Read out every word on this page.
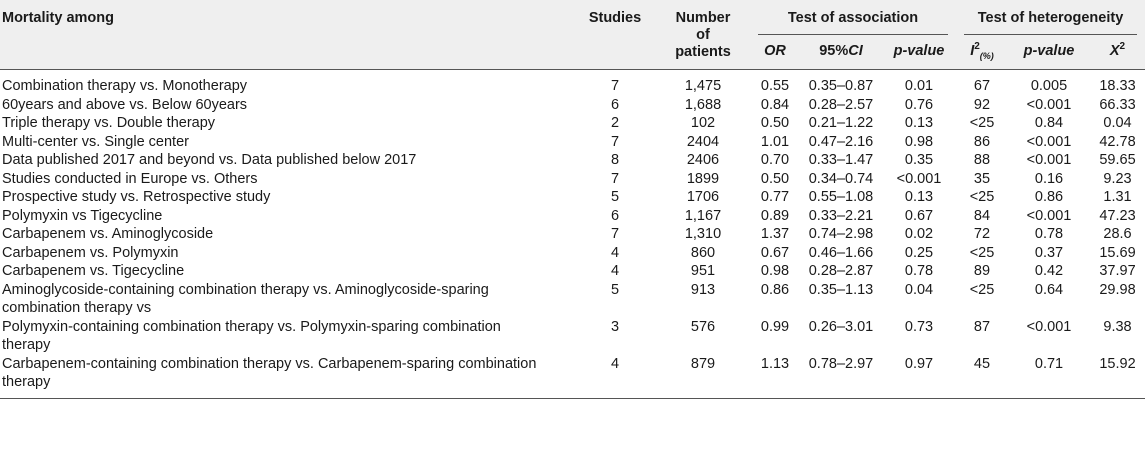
Mortality among	Studies	Number
of
patients	Test of association			Test of heterogeneity		

			OR	95%CI	p-value	$I^2_{(\%)}$	p-value	$X^2$

Combination therapy vs. Monotherapy	7	1,475	0.55	0.35–0.87	0.01	67	0.005	18.33
60years and above vs. Below 60years	6	1,688	0.84	0.28–2.57	0.76	92	<0.001	66.33
Triple therapy vs. Double therapy	2	102	0.50	0.21–1.22	0.13	<25	0.84	0.04
Multi-center vs. Single center	7	2404	1.01	0.47–2.16	0.98	86	<0.001	42.78
Data published 2017 and beyond vs. Data published below 2017	8	2406	0.70	0.33–1.47	0.35	88	<0.001	59.65
Studies conducted in Europe vs. Others	7	1899	0.50	0.34–0.74	<0.001	35	0.16	9.23
Prospective study vs. Retrospective study	5	1706	0.77	0.55–1.08	0.13	<25	0.86	1.31
Polymyxin vs Tigecycline	6	1,167	0.89	0.33–2.21	0.67	84	<0.001	47.23
Carbapenem vs. Aminoglycoside	7	1,310	1.37	0.74–2.98	0.02	72	0.78	28.6
Carbapenem vs. Polymyxin	4	860	0.67	0.46–1.66	0.25	<25	0.37	15.69
Carbapenem vs. Tigecycline	4	951	0.98	0.28–2.87	0.78	89	0.42	37.97
Aminoglycoside-containing combination therapy vs. Aminoglycoside-sparing
combination therapy vs	5	913	0.86	0.35–1.13	0.04	<25	0.64	29.98
Polymyxin-containing combination therapy vs. Polymyxin-sparing combination
therapy	3	576	0.99	0.26–3.01	0.73	87	<0.001	9.38
Carbapenem-containing combination therapy vs. Carbapenem-sparing combination
therapy	4	879	1.13	0.78–2.97	0.97	45	0.71	15.92
